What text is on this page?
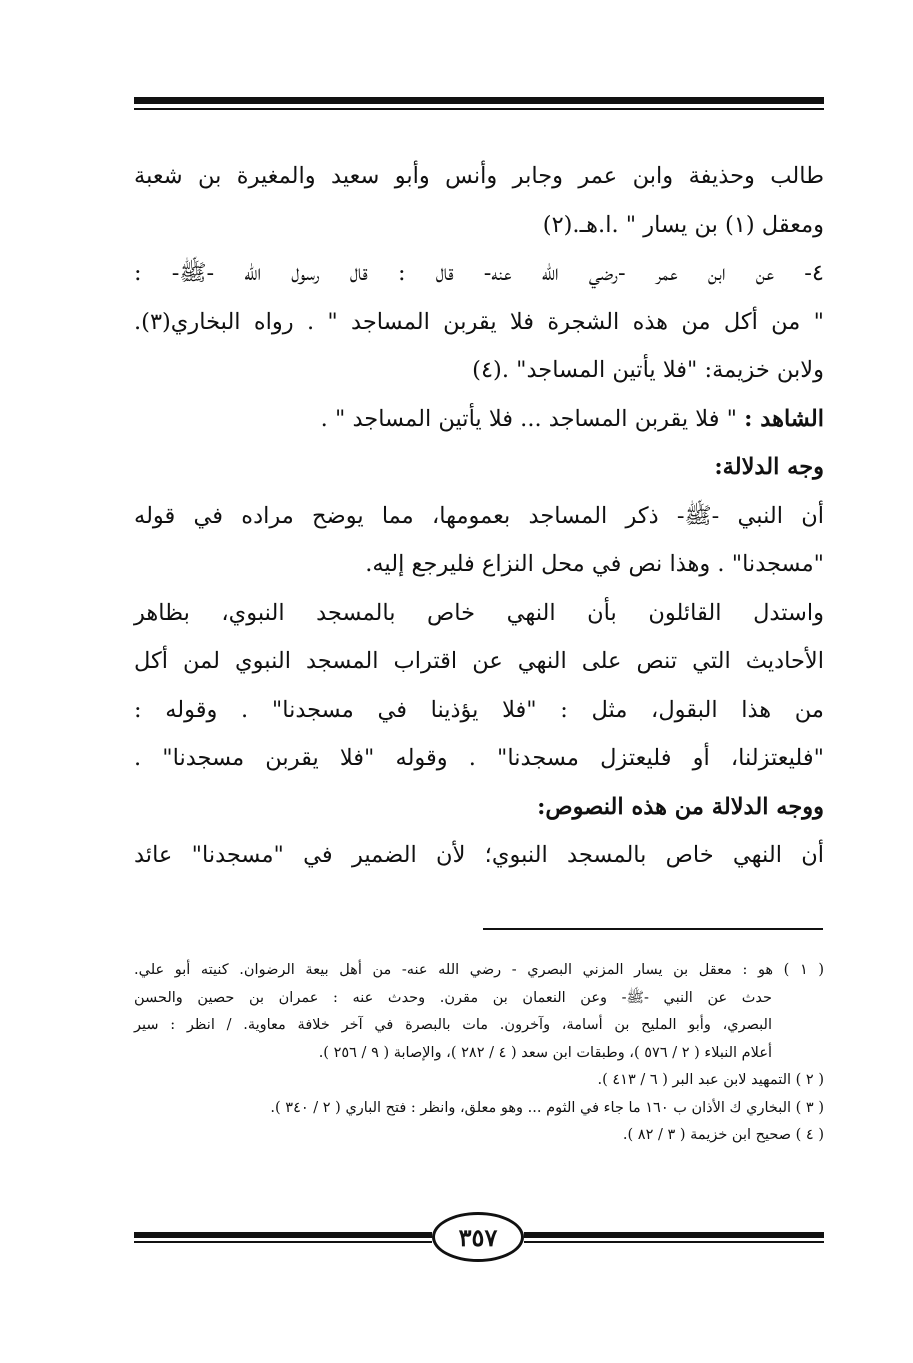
طالب وحذيفة وابن عمر وجابر وأنس وأبو سعيد والمغيرة بن شعبة
ومعقل (١) بن يسار " .ا.هـ.(٢)
٤- عن ابن عمر -رضي الله عنه- قال : قال رسول الله -ﷺ- :
" من أكل من هذه الشجرة فلا يقربن المساجد " . رواه البخاري(٣).
ولابن خزيمة: "فلا يأتين المساجد" .(٤)
الشاهد : " فلا يقربن المساجد ... فلا يأتين المساجد " .
وجه الدلالة:
أن النبي -ﷺ- ذكر المساجد بعمومها، مما يوضح مراده في قوله
"مسجدنا" . وهذا نص في محل النزاع فليرجع إليه.
واستدل القائلون بأن النهي خاص بالمسجد النبوي، بظاهر
الأحاديث التي تنص على النهي عن اقتراب المسجد النبوي لمن أكل
من هذا البقول، مثل : "فلا يؤذينا في مسجدنا" . وقوله :
"فليعتزلنا، أو فليعتزل مسجدنا" . وقوله "فلا يقربن مسجدنا" .
ووجه الدلالة من هذه النصوص:
أن النهي خاص بالمسجد النبوي؛ لأن الضمير في "مسجدنا" عائد
( ١ ) هو : معقل بن يسار المزني البصري - رضي الله عنه- من أهل بيعة الرضوان. كنيته أبو علي.
حدث عن النبي -ﷺ- وعن النعمان بن مقرن. وحدث عنه : عمران بن حصين والحسن
البصري، وأبو المليح بن أسامة، وآخرون. مات بالبصرة في آخر خلافة معاوية. / انظر : سير
أعلام النبلاء ( ٢ / ٥٧٦ )، وطبقات ابن سعد ( ٤ / ٢٨٢ )، والإصابة ( ٩ / ٢٥٦ ).
( ٢ ) التمهيد لابن عبد البر ( ٦ / ٤١٣ ).
( ٣ ) البخاري ك الأذان ب ١٦٠ ما جاء في الثوم ... وهو معلق، وانظر : فتح الباري ( ٢ / ٣٤٠ ).
( ٤ ) صحيح ابن خزيمة ( ٣ / ٨٢ ).
٣٥٧
